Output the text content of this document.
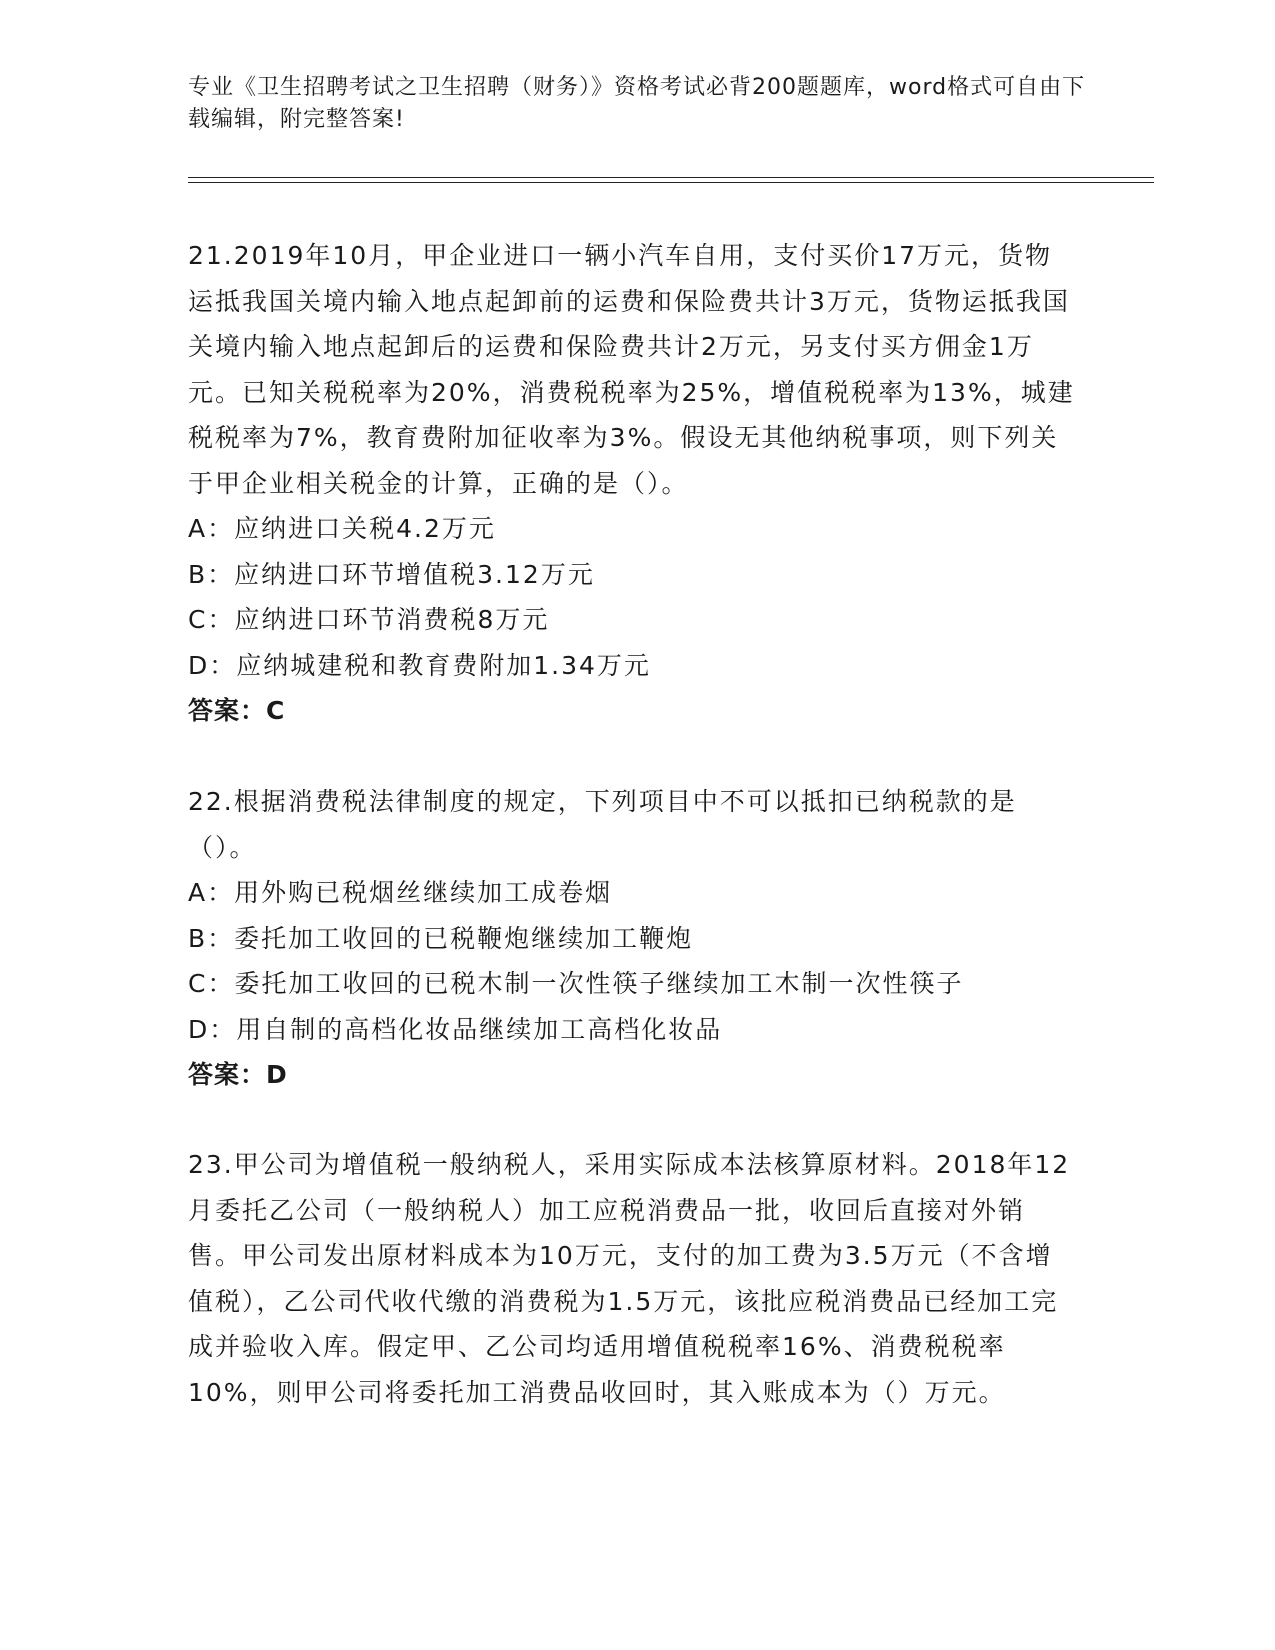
专业《卫生招聘考试之卫生招聘（财务）》资格考试必背200题题库，word格式可自由下载编辑，附完整答案!

21.2019年10月，甲企业进口一辆小汽车自用，支付买价17万元，货物运抵我国关境内输入地点起卸前的运费和保险费共计3万元，货物运抵我国关境内输入地点起卸后的运费和保险费共计2万元，另支付买方佣金1万元。已知关税税率为20%，消费税税率为25%，增值税税率为13%，城建税税率为7%，教育费附加征收率为3%。假设无其他纳税事项，则下列关于甲企业相关税金的计算，正确的是（）。

A：应纳进口关税4.2万元

B：应纳进口环节增值税3.12万元

C：应纳进口环节消费税8万元

D：应纳城建税和教育费附加1.34万元

答案：C

22.根据消费税法律制度的规定，下列项目中不可以抵扣已纳税款的是（）。

A：用外购已税烟丝继续加工成卷烟

B：委托加工收回的已税鞭炮继续加工鞭炮

C：委托加工收回的已税木制一次性筷子继续加工木制一次性筷子

D：用自制的高档化妆品继续加工高档化妆品

答案：D

23.甲公司为增值税一般纳税人，采用实际成本法核算原材料。2018年12月委托乙公司（一般纳税人）加工应税消费品一批，收回后直接对外销售。甲公司发出原材料成本为10万元，支付的加工费为3.5万元（不含增值税），乙公司代收代缴的消费税为1.5万元，该批应税消费品已经加工完成并验收入库。假定甲、乙公司均适用增值税税率16%、消费税税率10%，则甲公司将委托加工消费品收回时，其入账成本为（）万元。
